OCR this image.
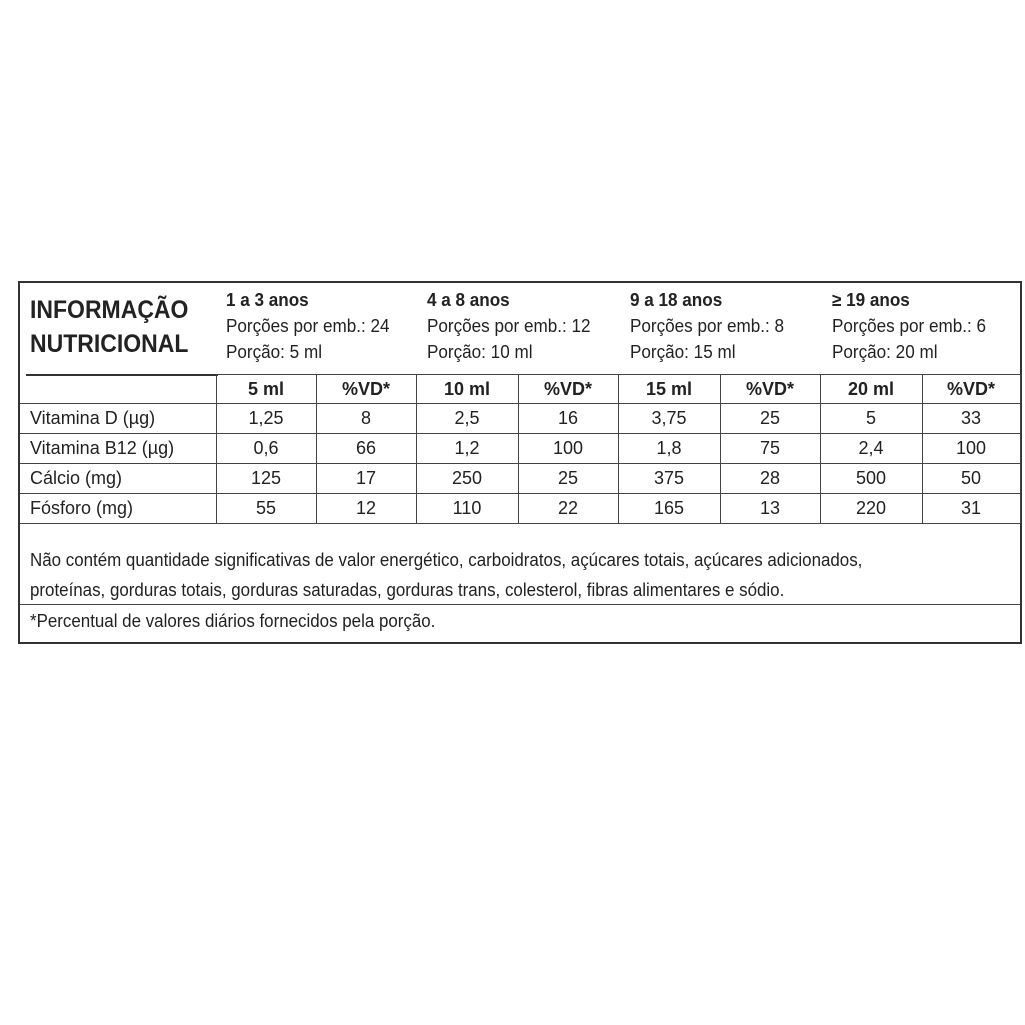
INFORMAÇÃO
NUTRICIONAL
1 a 3 anos
Porções por emb.: 24
Porção: 5 ml
4 a 8 anos
Porções por emb.: 12
Porção: 10 ml
9 a 18 anos
Porções por emb.: 8
Porção: 15 ml
≥ 19 anos
Porções por emb.: 6
Porção: 20 ml
	5 ml	%VD*	10 ml	%VD*	15 ml	%VD*	20 ml	%VD*
Vitamina D (µg)	1,25	8	2,5	16	3,75	25	5	33
Vitamina B12 (µg)	0,6	66	1,2	100	1,8	75	2,4	100
Cálcio (mg)	125	17	250	25	375	28	500	50
Fósforo (mg)	55	12	110	22	165	13	220	31
Não contém quantidade significativas de valor energético, carboidratos, açúcares totais, açúcares adicionados,
proteínas, gorduras totais, gorduras saturadas, gorduras trans, colesterol, fibras alimentares e sódio.
*Percentual de valores diários fornecidos pela porção.
